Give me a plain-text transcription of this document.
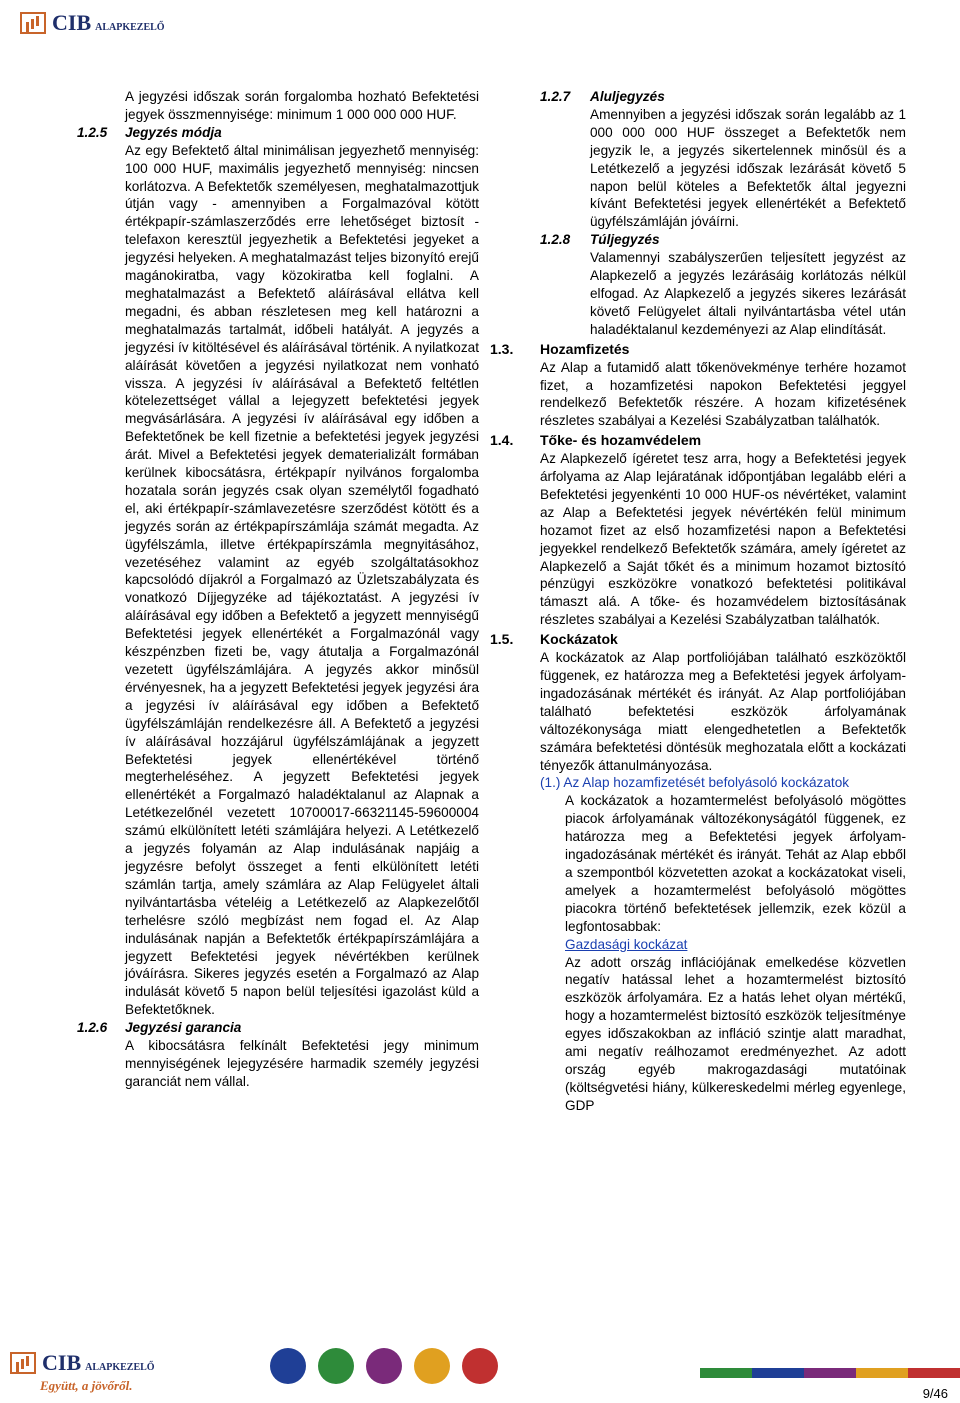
CIB ALAPKEZELŐ

A jegyzési időszak során forgalomba hozható Befektetési jegyek összmennyisége: minimum 1 000 000 000 HUF.

1.2.5	Jegyzés módja

Az egy Befektető által minimálisan jegyezhető mennyiség: 100 000 HUF, maximális jegyezhető mennyiség: nincsen korlátozva. A Befektetők személyesen, meghatalmazottjuk útján vagy - amennyiben a Forgalmazóval kötött értékpapír-számlaszerződés erre lehetőséget biztosít - telefaxon keresztül jegyezhetik a Befektetési jegyeket a jegyzési helyeken. A meghatalmazást teljes bizonyító erejű magánokiratba, vagy közokiratba kell foglalni. A meghatalmazást a Befektető aláírásával ellátva kell megadni, és abban részletesen meg kell határozni a meghatalmazás tartalmát, időbeli hatályát. A jegyzés a jegyzési ív kitöltésével és aláírásával történik. A nyilatkozat aláírását követően a jegyzési nyilatkozat nem vonható vissza. A jegyzési ív aláírásával a Befektető feltétlen kötelezettséget vállal a lejegyzett befektetési jegyek megvásárlására. A jegyzési ív aláírásával egy időben a Befektetőnek be kell fizetnie a befektetési jegyek jegyzési árát. Mivel a Befektetési jegyek dematerializált formában kerülnek kibocsátásra, értékpapír nyilvános forgalomba hozatala során jegyzés csak olyan személytől fogadható el, aki értékpapír-számlavezetésre szerződést kötött és a jegyzés során az értékpapírszámlája számát megadta. Az ügyfélszámla, illetve értékpapírszámla megnyitásához, vezetéséhez valamint az egyéb szolgáltatásokhoz kapcsolódó díjakról a Forgalmazó az Üzletszabályzata és vonatkozó Díjjegyzéke ad tájékoztatást. A jegyzési ív aláírásával egy időben a Befektető a jegyzett mennyiségű Befektetési jegyek ellenértékét a Forgalmazónál vagy készpénzben fizeti be, vagy átutalja a Forgalmazónál vezetett ügyfélszámlájára. A jegyzés akkor minősül érvényesnek, ha a jegyzett Befektetési jegyek jegyzési ára a jegyzési ív aláírásával egy időben a Befektető ügyfélszámláján rendelkezésre áll. A Befektető a jegyzési ív aláírásával hozzájárul ügyfélszámlájának a jegyzett Befektetési jegyek ellenértékével történő megterheléséhez. A jegyzett Befektetési jegyek ellenértékét a Forgalmazó haladéktalanul az Alapnak a Letétkezelőnél vezetett 10700017-66321145-59600004 számú elkülönített letéti számlájára helyezi. A Letétkezelő a jegyzés folyamán az Alap indulásának napjáig a jegyzésre befolyt összeget a fenti elkülönített letéti számlán tartja, amely számlára az Alap Felügyelet általi nyilvántartásba vételéig a Letétkezelő az Alapkezelőtől terhelésre szóló megbízást nem fogad el. Az Alap indulásának napján a Befektetők értékpapírszámlájára a jegyzett Befektetési jegyek névértékben kerülnek jóváírásra. Sikeres jegyzés esetén a Forgalmazó az Alap indulását követő 5 napon belül teljesítési igazolást küld a Befektetőknek.

1.2.6	Jegyzési garancia

A kibocsátásra felkínált Befektetési jegy minimum mennyiségének lejegyzésére harmadik személy jegyzési garanciát nem vállal.

1.2.7	Aluljegyzés

Amennyiben a jegyzési időszak során legalább az 1 000 000 000 HUF összeget a Befektetők nem jegyzik le, a jegyzés sikertelennek minősül és a Letétkezelő a jegyzési időszak lezárását követő 5 napon belül köteles a Befektetők által jegyezni kívánt Befektetési jegyek ellenértékét a Befektető ügyfélszámláján jóváírni.

1.2.8	Túljegyzés

Valamennyi szabályszerűen teljesített jegyzést az Alapkezelő a jegyzés lezárásáig korlátozás nélkül elfogad. Az Alapkezelő a jegyzés sikeres lezárását követő Felügyelet általi nyilvántartásba vétel után haladéktalanul kezdeményezi az Alap elindítását.

1.3.	Hozamfizetés

Az Alap a futamidő alatt tőkenövekménye terhére hozamot fizet, a hozamfizetési napokon Befektetési jeggyel rendelkező Befektetők részére. A hozam kifizetésének részletes szabályai a Kezelési Szabályzatban találhatók.

1.4.	Tőke- és hozamvédelem

Az Alapkezelő ígéretet tesz arra, hogy a Befektetési jegyek árfolyama az Alap lejáratának időpontjában legalább eléri a Befektetési jegyenkénti 10 000 HUF-os névértéket, valamint az Alap a Befektetési jegyek névértékén felül minimum hozamot fizet az első hozamfizetési napon a Befektetési jegyekkel rendelkező Befektetők számára, amely ígéretet az Alapkezelő a Saját tőkét és a minimum hozamot biztosító pénzügyi eszközökre vonatkozó befektetési politikával támaszt alá. A tőke- és hozamvédelem biztosításának részletes szabályai a Kezelési Szabályzatban találhatók.

1.5.	Kockázatok

A kockázatok az Alap portfoliójában található eszközöktől függenek, ez határozza meg a Befektetési jegyek árfolyam-ingadozásának mértékét és irányát. Az Alap portfoliójában található befektetési eszközök árfolyamának változékonysága miatt elengedhetetlen a Befektetők számára befektetési döntésük meghozatala előtt a kockázati tényezők áttanulmányozása.

(1.) Az Alap hozamfizetését befolyásoló kockázatok

A kockázatok a hozamtermelést befolyásoló mögöttes piacok árfolyamának változékonyságától függenek, ez határozza meg a Befektetési jegyek árfolyam-ingadozásának mértékét és irányát. Tehát az Alap ebből a szempontból közvetetten azokat a kockázatokat viseli, amelyek a hozamtermelést befolyásoló mögöttes piacokra történő befektetések jellemzik, ezek közül a legfontosabbak:

Gazdasági kockázat

Az adott ország inflációjának emelkedése közvetlen negatív hatással lehet a hozamtermelést biztosító eszközök árfolyamára. Ez a hatás lehet olyan mértékű, hogy a hozamtermelést biztosító eszközök teljesítménye egyes időszakokban az infláció szintje alatt maradhat, ami negatív reálhozamot eredményezhet. Az adott ország egyéb makrogazdasági mutatóinak (költségvetési hiány, külkereskedelmi mérleg egyenlege, GDP

CIB ALAPKEZELŐ
Együtt, a jövőről.
9/46
